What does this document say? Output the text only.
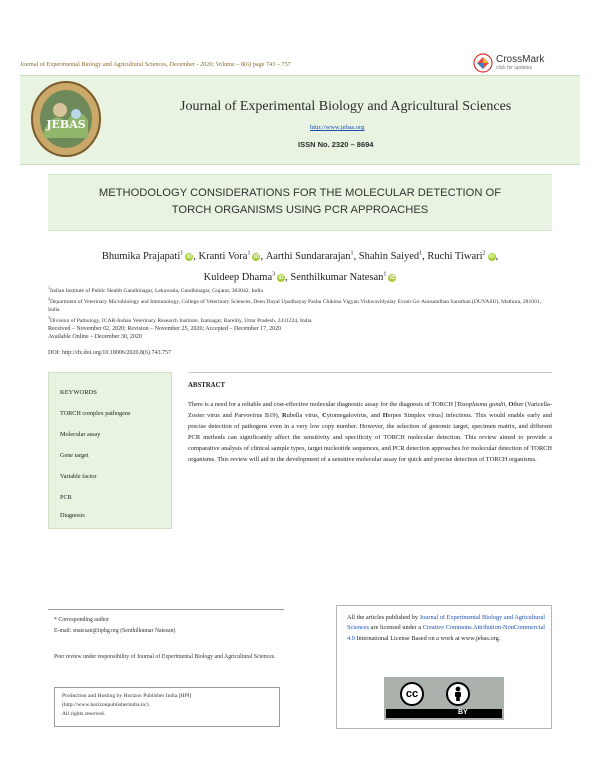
Journal of Experimental Biology and Agricultural Sciences, December - 2020; Volume – 8(6) page 743 – 757	CrossMark
click for updates
JEBAS
Journal of Experimental Biology and Agricultural Sciences
http://www.jebas.org
ISSN No. 2320 – 8694
METHODOLOGY CONSIDERATIONS FOR THE MOLECULAR DETECTION OF
TORCH ORGANISMS USING PCR APPROACHES
Bhumika Prajapati$^1$iD , Kranti Vora$^1$iD , Aarthi Sundararajan$^1$, Shahin Saiyed$^1$, Ruchi Tiwari$^2$iD ,
Kuldeep Dhama$^3$iD , Senthilkumar Natesan$^1$iD
$^1$Indian Institute of Public Health Gandhinagar, Lekawada, Gandhinagar, Gujarat, 382042, India
$^2$Department of Veterinary Microbiology and Immunology, College of Veterinary Sciences, Deen Dayal Upadhayay Pashu Chikitsa Vigyan Vishwavidyalay Evum Go-Anusandhan Sansthan (DUVASU), Mathura, 281001, India
$^3$Division of Pathology, ICAR-Indian Veterinary Research Institute, Izatnagar, Bareilly, Uttar Pradesh, 2431224, India
Received – November 02, 2020; Revision – November 25, 2020; Accepted – December 17, 2020
Available Online – December 30, 2020
DOI: http://dx.doi.org/10.18006/2020.8(6).743.757
KEYWORDS
TORCH complex pathogens
Molecular assay
Gene target
Variable factor
PCR
Diagnosis
ABSTRACT
There is a need for a reliable and cost-effective molecular diagnostic assay for the diagnosis of TORCH [Toxoplasma gondii, Other (Varicella-Zoster virus and Parvovirus B19), Rubella virus, Cytomegalovirus, and Herpes Simplex virus] infections. This would enable early and precise detection of pathogens even in a very low copy number. However, the selection of genomic target, specimen matrix, and different PCR methods can significantly affect the sensitivity and specificity of TORCH molecular detection. This review aimed to provide a comparative analysis of clinical sample types, target nucleotide sequences, and PCR detection approaches for molecular detection of TORCH organisms. This review will aid in the development of a sensitive molecular assay for quick and precise detection of TORCH organisms.
* Corresponding author
E-mail: snatesan@iiphg.org (Senthilkumar Natesan)
Peer review under responsibility of Journal of Experimental Biology and Agricultural Sciences.
Production and Hosting by Horizon Publisher India [HPI]
(http://www.horizonpublisherindia.in/).
All rights reserved.
All the articles published by Journal of Experimental Biology and Agricultural Sciences are licensed under a Creative Commons Attribution-NonCommercial 4.0 International License Based on a work at www.jebas.org.
cc
BY
